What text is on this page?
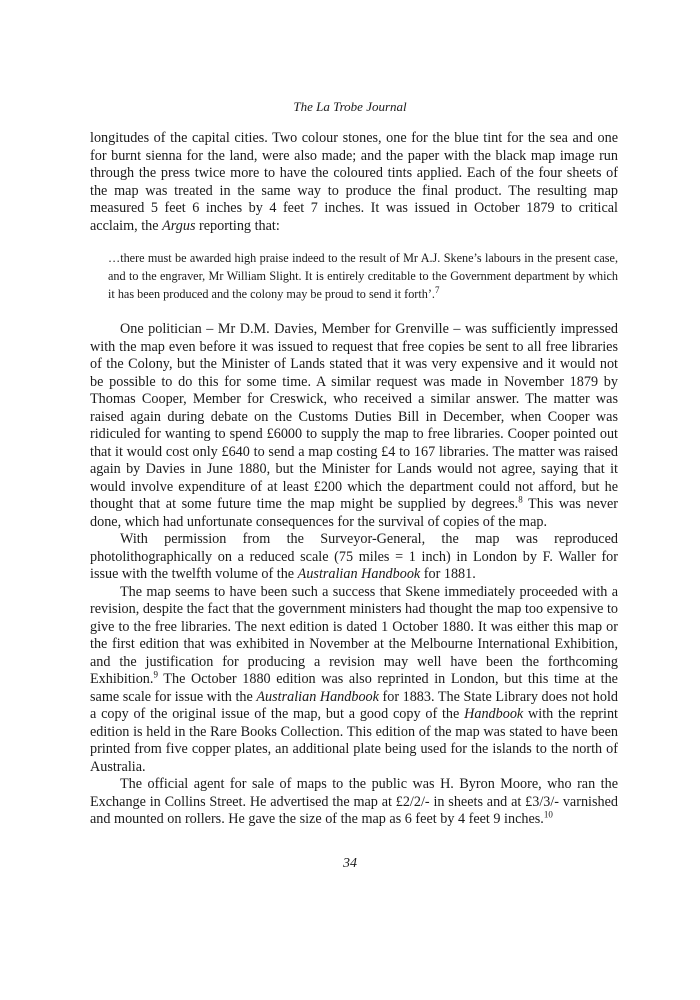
The La Trobe Journal

longitudes of the capital cities. Two colour stones, one for the blue tint for the sea and one for burnt sienna for the land, were also made; and the paper with the black map image run through the press twice more to have the coloured tints applied. Each of the four sheets of the map was treated in the same way to produce the final product. The resulting map measured 5 feet 6 inches by 4 feet 7 inches. It was issued in October 1879 to critical acclaim, the Argus reporting that:

…there must be awarded high praise indeed to the result of Mr A.J. Skene’s labours in the present case, and to the engraver, Mr William Slight. It is entirely creditable to the Government department by which it has been produced and the colony may be proud to send it forth’.$^7$

One politician – Mr D.M. Davies, Member for Grenville – was sufficiently impressed with the map even before it was issued to request that free copies be sent to all free libraries of the Colony, but the Minister of Lands stated that it was very expensive and it would not be possible to do this for some time. A similar request was made in November 1879 by Thomas Cooper, Member for Creswick, who received a similar answer. The matter was raised again during debate on the Customs Duties Bill in December, when Cooper was ridiculed for wanting to spend £6000 to supply the map to free libraries. Cooper pointed out that it would cost only £640 to send a map costing £4 to 167 libraries. The matter was raised again by Davies in June 1880, but the Minister for Lands would not agree, saying that it would involve expenditure of at least £200 which the department could not afford, but he thought that at some future time the map might be supplied by degrees.$^8$ This was never done, which had unfortunate consequences for the survival of copies of the map.

With permission from the Surveyor-General, the map was reproduced photolithographically on a reduced scale (75 miles = 1 inch) in London by F. Waller for issue with the twelfth volume of the Australian Handbook for 1881.

The map seems to have been such a success that Skene immediately proceeded with a revision, despite the fact that the government ministers had thought the map too expensive to give to the free libraries. The next edition is dated 1 October 1880. It was either this map or the first edition that was exhibited in November at the Melbourne International Exhibition, and the justification for producing a revision may well have been the forthcoming Exhibition.$^9$ The October 1880 edition was also reprinted in London, but this time at the same scale for issue with the Australian Handbook for 1883. The State Library does not hold a copy of the original issue of the map, but a good copy of the Handbook with the reprint edition is held in the Rare Books Collection. This edition of the map was stated to have been printed from five copper plates, an additional plate being used for the islands to the north of Australia.

The official agent for sale of maps to the public was H. Byron Moore, who ran the Exchange in Collins Street. He advertised the map at £2/2/- in sheets and at £3/3/- varnished and mounted on rollers. He gave the size of the map as 6 feet by 4 feet 9 inches.$^{10}$

34
